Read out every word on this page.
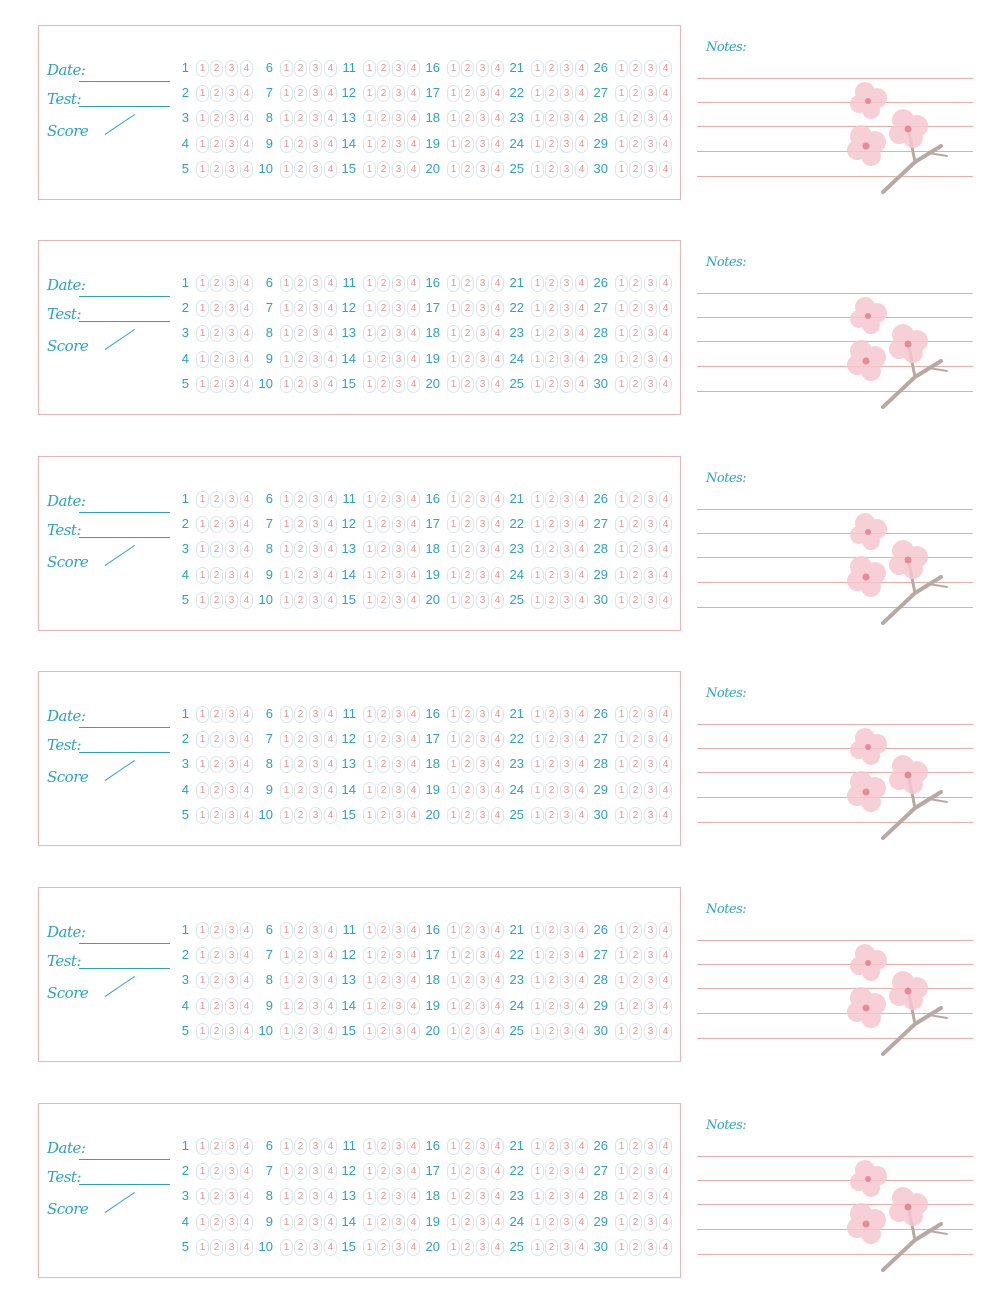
Date:
Test:
Score
1	1 2 3 4	6	1 2 3 4 11	1 2 3 4 16	1 2 3 4 21	1 2 3 4 26	1 2 3 4
2	1 2 3 4	7	1 2 3 4 12	1 2 3 4 17	1 2 3 4 22	1 2 3 4 27	1 2 3 4
3	1 2 3 4	8	1 2 3 4 13	1 2 3 4 18	1 2 3 4 23	1 2 3 4 28	1 2 3 4
4	1 2 3 4	9	1 2 3 4 14	1 2 3 4 19	1 2 3 4 24	1 2 3 4 29	1 2 3 4
5	1 2 3 4 10	1 2 3 4 15	1 2 3 4 20	1 2 3 4 25	1 2 3 4 30	1 2 3 4
Notes:
Date:
Test:
Score
1	1 2 3 4	6	1 2 3 4 11	1 2 3 4 16	1 2 3 4 21	1 2 3 4 26	1 2 3 4
2	1 2 3 4	7	1 2 3 4 12	1 2 3 4 17	1 2 3 4 22	1 2 3 4 27	1 2 3 4
3	1 2 3 4	8	1 2 3 4 13	1 2 3 4 18	1 2 3 4 23	1 2 3 4 28	1 2 3 4
4	1 2 3 4	9	1 2 3 4 14	1 2 3 4 19	1 2 3 4 24	1 2 3 4 29	1 2 3 4
5	1 2 3 4 10	1 2 3 4 15	1 2 3 4 20	1 2 3 4 25	1 2 3 4 30	1 2 3 4
Notes:
Date:
Test:
Score
1	1 2 3 4	6	1 2 3 4 11	1 2 3 4 16	1 2 3 4 21	1 2 3 4 26	1 2 3 4
2	1 2 3 4	7	1 2 3 4 12	1 2 3 4 17	1 2 3 4 22	1 2 3 4 27	1 2 3 4
3	1 2 3 4	8	1 2 3 4 13	1 2 3 4 18	1 2 3 4 23	1 2 3 4 28	1 2 3 4
4	1 2 3 4	9	1 2 3 4 14	1 2 3 4 19	1 2 3 4 24	1 2 3 4 29	1 2 3 4
5	1 2 3 4 10	1 2 3 4 15	1 2 3 4 20	1 2 3 4 25	1 2 3 4 30	1 2 3 4
Notes:
Date:
Test:
Score
1	1 2 3 4	6	1 2 3 4 11	1 2 3 4 16	1 2 3 4 21	1 2 3 4 26	1 2 3 4
2	1 2 3 4	7	1 2 3 4 12	1 2 3 4 17	1 2 3 4 22	1 2 3 4 27	1 2 3 4
3	1 2 3 4	8	1 2 3 4 13	1 2 3 4 18	1 2 3 4 23	1 2 3 4 28	1 2 3 4
4	1 2 3 4	9	1 2 3 4 14	1 2 3 4 19	1 2 3 4 24	1 2 3 4 29	1 2 3 4
5	1 2 3 4 10	1 2 3 4 15	1 2 3 4 20	1 2 3 4 25	1 2 3 4 30	1 2 3 4
Notes:
Date:
Test:
Score
1	1 2 3 4	6	1 2 3 4 11	1 2 3 4 16	1 2 3 4 21	1 2 3 4 26	1 2 3 4
2	1 2 3 4	7	1 2 3 4 12	1 2 3 4 17	1 2 3 4 22	1 2 3 4 27	1 2 3 4
3	1 2 3 4	8	1 2 3 4 13	1 2 3 4 18	1 2 3 4 23	1 2 3 4 28	1 2 3 4
4	1 2 3 4	9	1 2 3 4 14	1 2 3 4 19	1 2 3 4 24	1 2 3 4 29	1 2 3 4
5	1 2 3 4 10	1 2 3 4 15	1 2 3 4 20	1 2 3 4 25	1 2 3 4 30	1 2 3 4
Notes:
Date:
Test:
Score
1	1 2 3 4	6	1 2 3 4 11	1 2 3 4 16	1 2 3 4 21	1 2 3 4 26	1 2 3 4
2	1 2 3 4	7	1 2 3 4 12	1 2 3 4 17	1 2 3 4 22	1 2 3 4 27	1 2 3 4
3	1 2 3 4	8	1 2 3 4 13	1 2 3 4 18	1 2 3 4 23	1 2 3 4 28	1 2 3 4
4	1 2 3 4	9	1 2 3 4 14	1 2 3 4 19	1 2 3 4 24	1 2 3 4 29	1 2 3 4
5	1 2 3 4 10	1 2 3 4 15	1 2 3 4 20	1 2 3 4 25	1 2 3 4 30	1 2 3 4
Notes:
